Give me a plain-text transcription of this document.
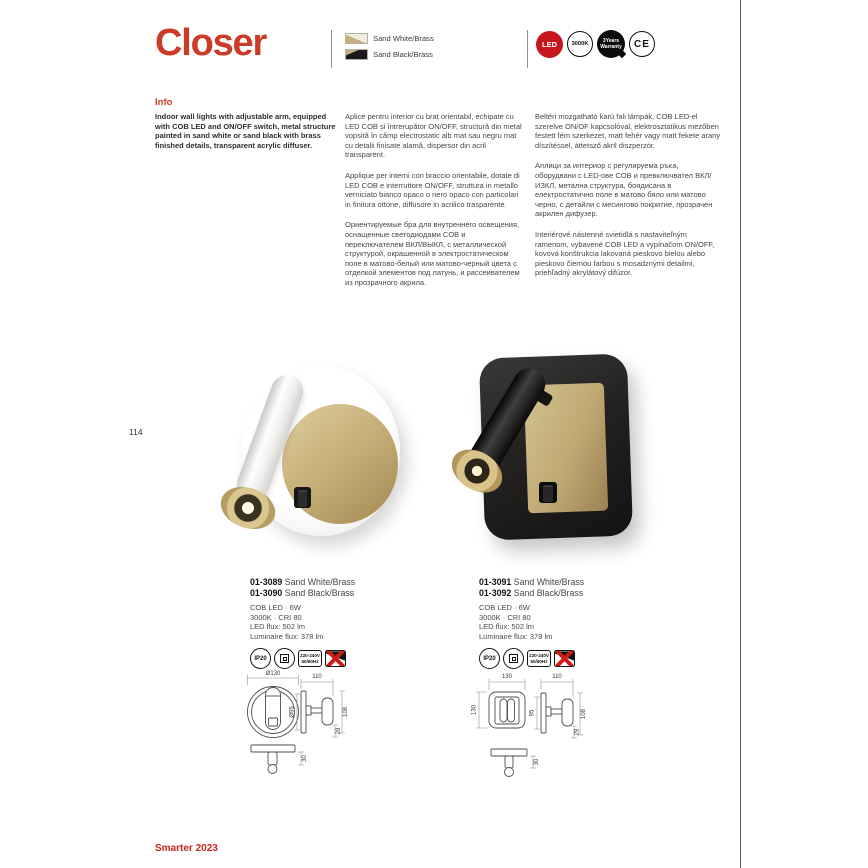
Closer	Sand White/Brass
Sand Black/Brass
LED	3000K	3Years
Warranty	CE
Info
Indoor wall lights with adjustable arm, equipped with COB LED and ON/OFF switch, metal structure painted in sand white or sand black with brass finished details, transparent acrylic diffuser.
Aplice pentru interior cu braț orientabil, echipate cu LED COB și întrerupător ON/OFF, structură din metal vopsită în câmp electrostatic alb mat sau negru mat cu detalii finisate alamă, dispersor din acril transparent.
Applique per interni con braccio orientabile, dotate di LED COB e interruttore ON/OFF, struttura in metallo verniciato bianco opaco o nero opaco con particolari in finitura ottone, diffusore in acrilico trasparente.
Ориентируемые бра для внутреннего освещения, оснащенные светодиодами COB и переключателем ВКЛ/ВЫКЛ, с металлической структурой, окрашенной в электростатическом поле в матово-белый или матово-черный цвета с отделкой элементов под латунь, и рассеивателем из прозрачного акрила.
Beltéri mozgatható karú fali lámpák, COB LED-el szerelve ON/OF kapcsolóval, elektrosztatikus mezőben festett fém szerkezet, matt fehér vagy matt fekete arany díszítéssel, áttetsző akril diszperzór.
Аплици за интериор с регулируема ръка, оборудвани с LED-ове COB и превключвател ВКЛ/ИЗКЛ, метална структура, боядисана в електростатично поле в матово бяло или матово черно, с детайли с месингово покритие, прозрачен акрилен дифузер.
Interiérové nástenné svietidlá s nastaviteľným ramenom, vybavené COB LED a vypínačom ON/OFF, kovová konštrukcia lakovaná pieskovo bielou alebo pieskovo čiernou farbou s mosadznými detailmi, priehľadný akrylátový difúzor.
114
01-3089 Sand White/Brass
01-3090 Sand Black/Brass
COB LED · 6W
3000K · CRI 80
LED flux: 502 lm
Luminaire flux: 378 lm
IP20	220-240V
50/60Hz
01-3091 Sand White/Brass
01-3092 Sand Black/Brass
COB LED · 6W
3000K · CRI 80
LED flux: 502 lm
Luminaire flux: 378 lm
IP20	220-240V
50/60Hz
Ø130	110
Ø95	108
28
30
130
130
110
95	108
28
30
Smarter 2023
